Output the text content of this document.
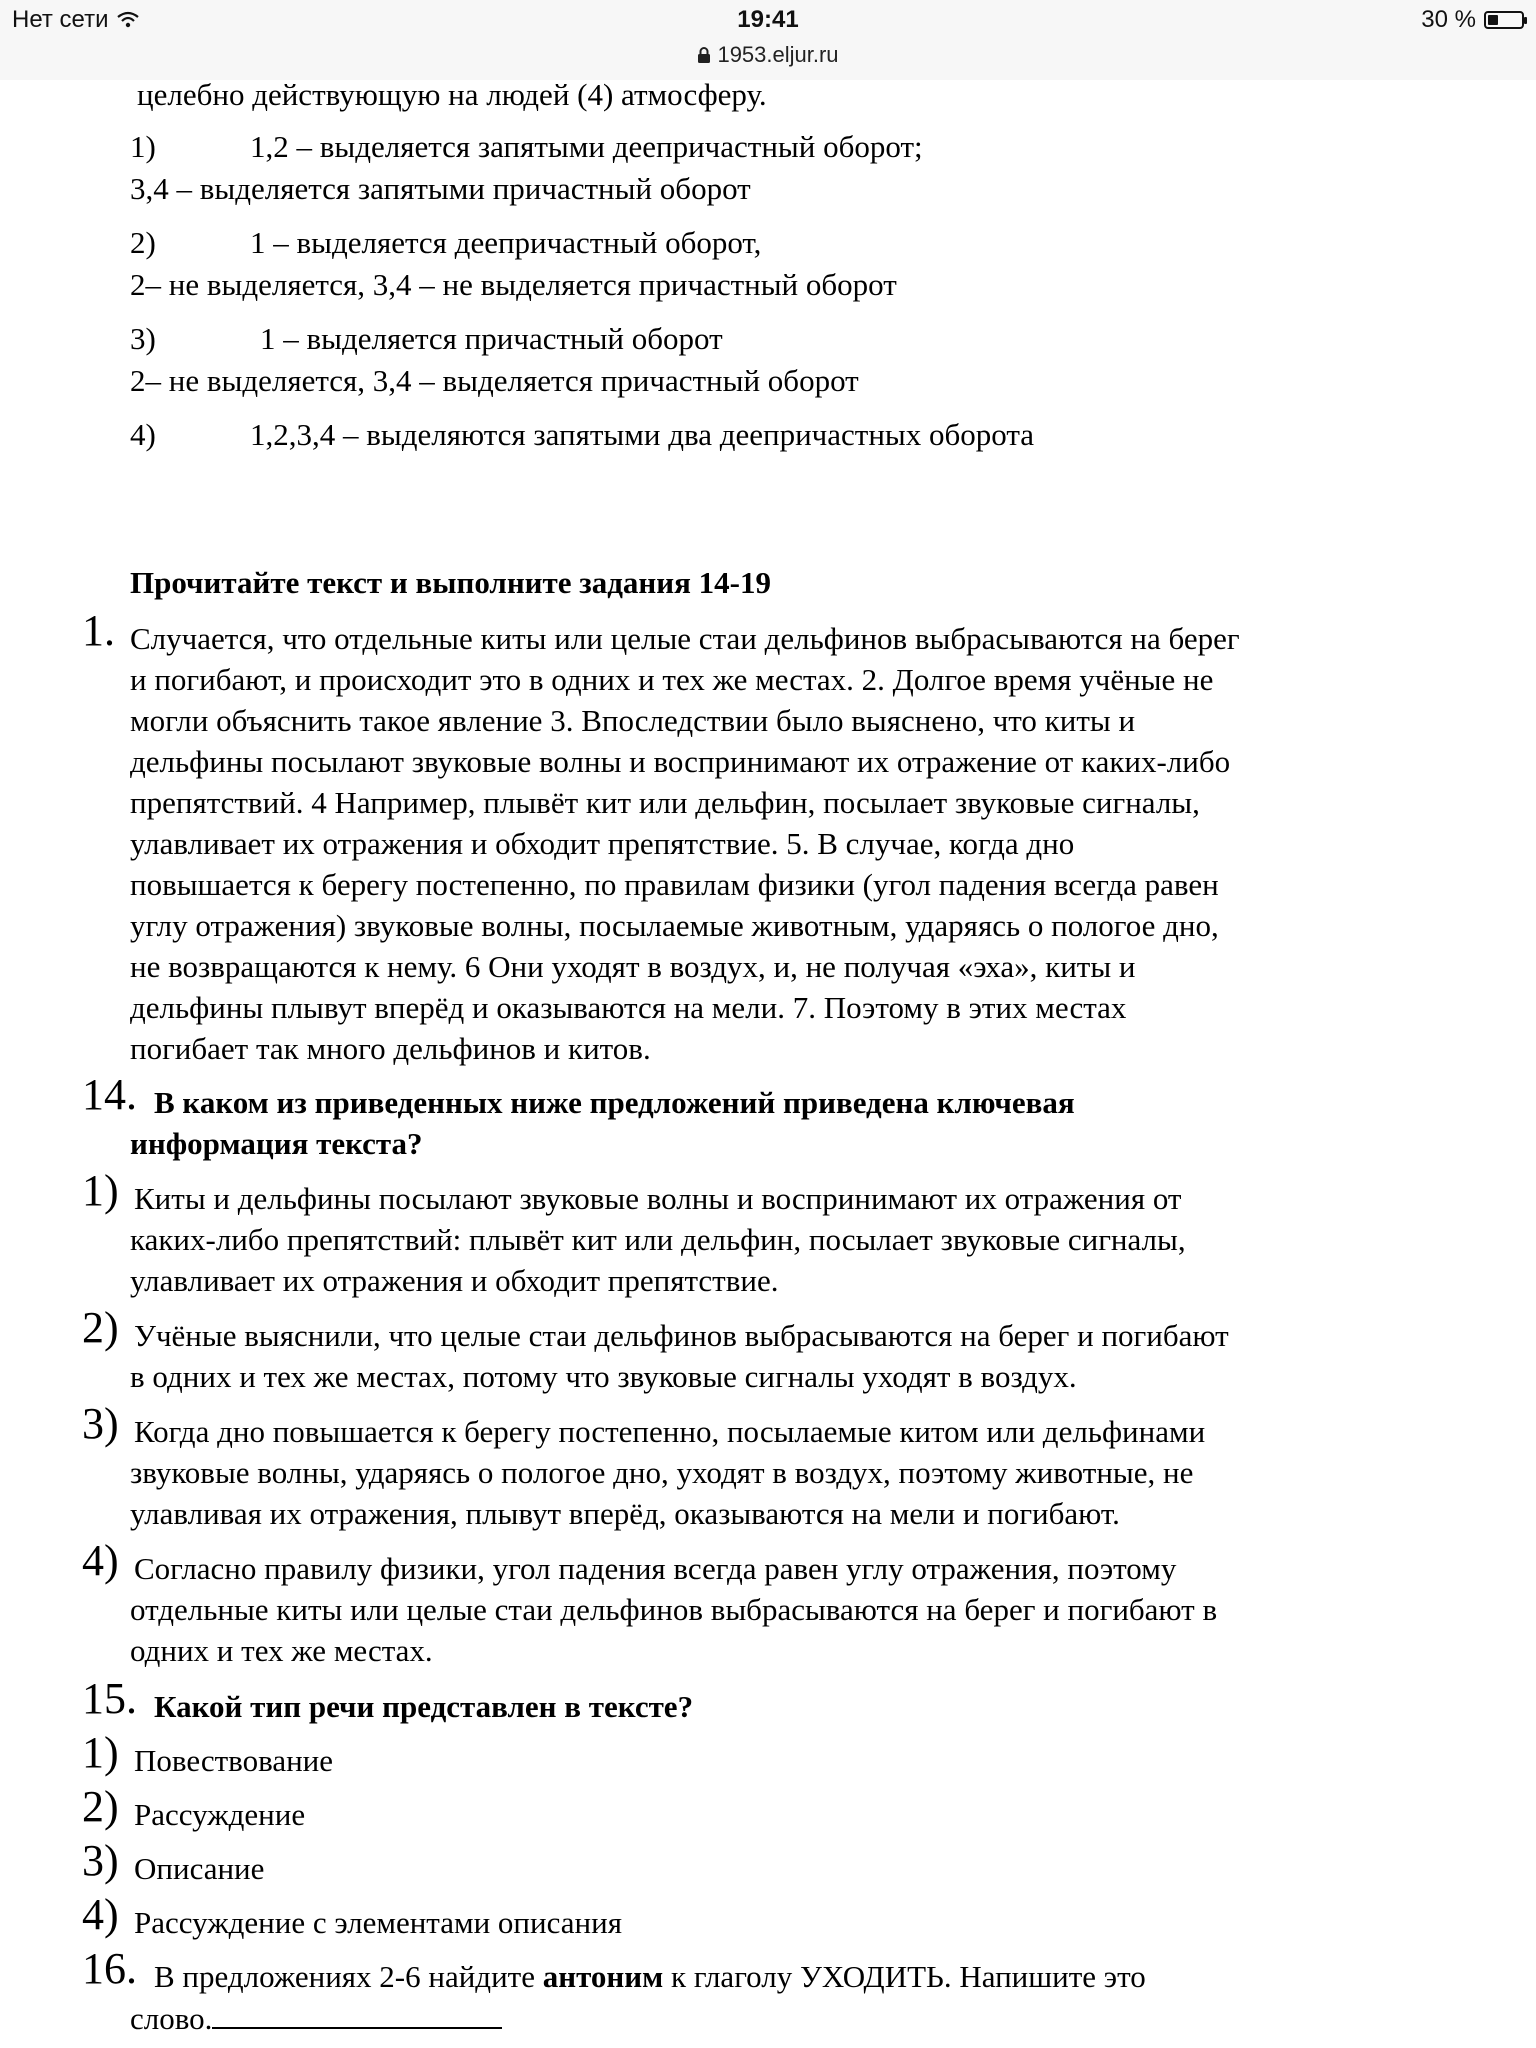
Нет сети	19:41
1953.eljur.ru
30 %
целебно действующую на людей (4) атмосферу.
1)	1,2 – выделяется запятыми деепричастный оборот;
3,4 – выделяется запятыми причастный оборот
2)	1 – выделяется деепричастный оборот,
2– не выделяется, 3,4 – не выделяется причастный оборот
3)	1 – выделяется причастный оборот
2– не выделяется, 3,4 – выделяется причастный оборот
4)	1,2,3,4 – выделяются запятыми два деепричастных оборота
Прочитайте текст и выполните задания 14-19
1. Случается, что отдельные киты или целые стаи дельфинов выбрасываются на берег
и погибают, и происходит это в одних и тех же местах. 2. Долгое время учёные не
могли объяснить такое явление 3. Впоследствии было выяснено, что киты и
дельфины посылают звуковые волны и воспринимают их отражение от каких-либо
препятствий. 4 Например, плывёт кит или дельфин, посылает звуковые сигналы,
улавливает их отражения и обходит препятствие. 5. В случае, когда дно
повышается к берегу постепенно, по правилам физики (угол падения всегда равен
углу отражения) звуковые волны, посылаемые животным, ударяясь о пологое дно,
не возвращаются к нему. 6 Они уходят в воздух, и, не получая «эха», киты и
дельфины плывут вперёд и оказываются на мели. 7. Поэтому в этих местах
погибает так много дельфинов и китов.
14. В каком из приведенных ниже предложений приведена ключевая
информация текста?
1) Киты и дельфины посылают звуковые волны и воспринимают их отражения от
каких-либо препятствий: плывёт кит или дельфин, посылает звуковые сигналы,
улавливает их отражения и обходит препятствие.
2) Учёные выяснили, что целые стаи дельфинов выбрасываются на берег и погибают
в одних и тех же местах, потому что звуковые сигналы уходят в воздух.
3) Когда дно повышается к берегу постепенно, посылаемые китом или дельфинами
звуковые волны, ударяясь о пологое дно, уходят в воздух, поэтому животные, не
улавливая их отражения, плывут вперёд, оказываются на мели и погибают.
4) Согласно правилу физики, угол падения всегда равен углу отражения, поэтому
отдельные киты или целые стаи дельфинов выбрасываются на берег и погибают в
одних и тех же местах.
15. Какой тип речи представлен в тексте?
1) Повествование
2) Рассуждение
3) Описание
4) Рассуждение с элементами описания
16. В предложениях 2-6 найдите антоним к глаголу УХОДИТЬ. Напишите это
слово.
